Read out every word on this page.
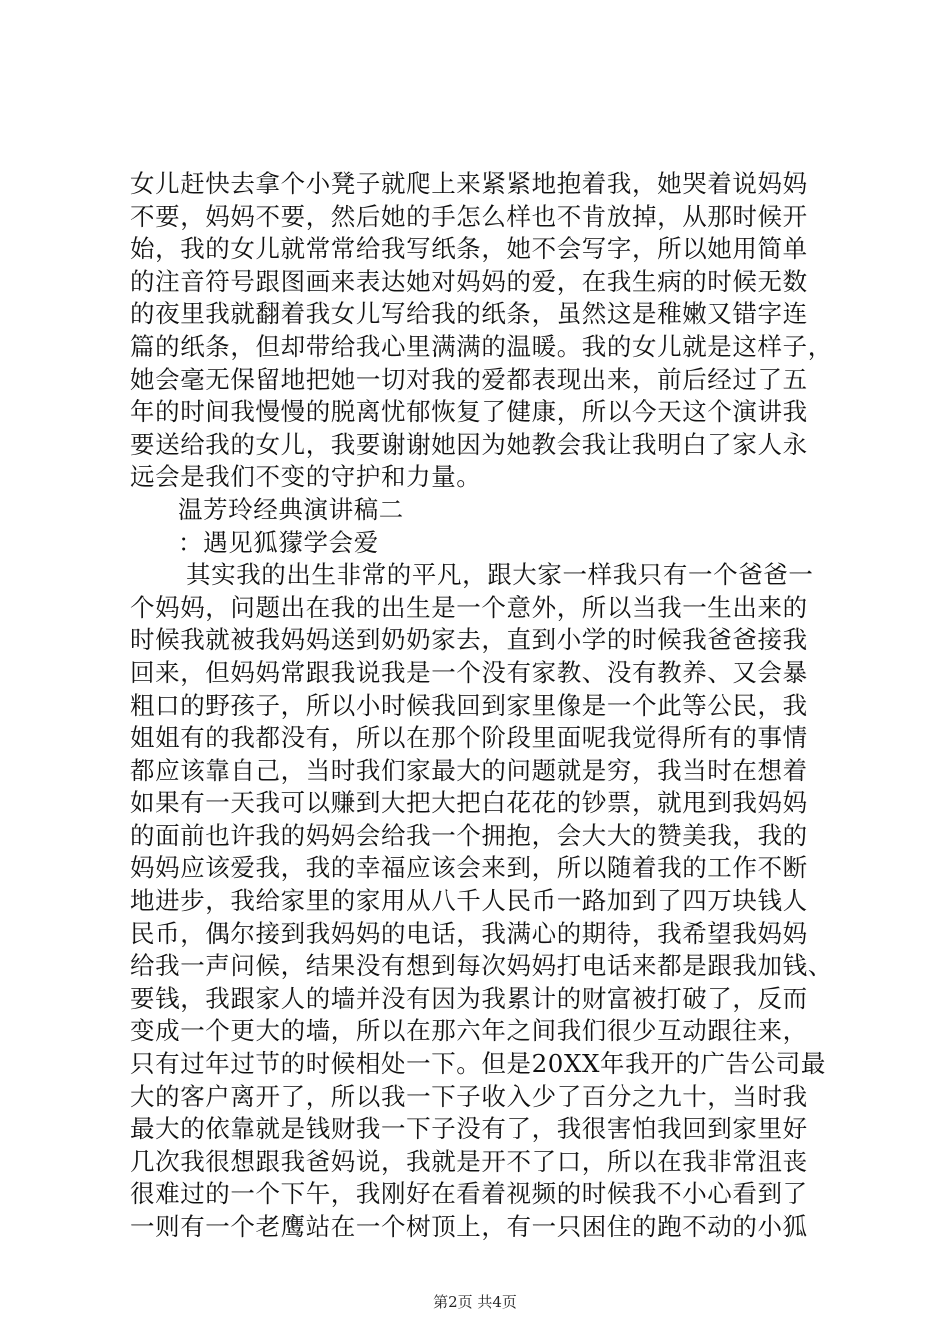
女儿赶快去拿个小凳子就爬上来紧紧地抱着我，她哭着说妈妈
不要，妈妈不要，然后她的手怎么样也不肯放掉，从那时候开
始，我的女儿就常常给我写纸条，她不会写字，所以她用简单
的注音符号跟图画来表达她对妈妈的爱，在我生病的时候无数
的夜里我就翻着我女儿写给我的纸条，虽然这是稚嫩又错字连
篇的纸条，但却带给我心里满满的温暖。我的女儿就是这样子，
她会毫无保留地把她一切对我的爱都表现出来，前后经过了五
年的时间我慢慢的脱离忧郁恢复了健康，所以今天这个演讲我
要送给我的女儿，我要谢谢她因为她教会我让我明白了家人永
远会是我们不变的守护和力量。
温芳玲经典演讲稿二
：遇见狐獴学会爱
其实我的出生非常的平凡，跟大家一样我只有一个爸爸一
个妈妈，问题出在我的出生是一个意外，所以当我一生出来的
时候我就被我妈妈送到奶奶家去，直到小学的时候我爸爸接我
回来，但妈妈常跟我说我是一个没有家教、没有教养、又会暴
粗口的野孩子，所以小时候我回到家里像是一个此等公民，我
姐姐有的我都没有，所以在那个阶段里面呢我觉得所有的事情
都应该靠自己，当时我们家最大的问题就是穷，我当时在想着
如果有一天我可以赚到大把大把白花花的钞票，就甩到我妈妈
的面前也许我的妈妈会给我一个拥抱，会大大的赞美我，我的
妈妈应该爱我，我的幸福应该会来到，所以随着我的工作不断
地进步，我给家里的家用从八千人民币一路加到了四万块钱人
民币，偶尔接到我妈妈的电话，我满心的期待，我希望我妈妈
给我一声问候，结果没有想到每次妈妈打电话来都是跟我加钱、
要钱，我跟家人的墙并没有因为我累计的财富被打破了，反而
变成一个更大的墙，所以在那六年之间我们很少互动跟往来，
只有过年过节的时候相处一下。但是20XX年我开的广告公司最
大的客户离开了，所以我一下子收入少了百分之九十，当时我
最大的依靠就是钱财我一下子没有了，我很害怕我回到家里好
几次我很想跟我爸妈说，我就是开不了口，所以在我非常沮丧
很难过的一个下午，我刚好在看着视频的时候我不小心看到了
一则有一个老鹰站在一个树顶上，有一只困住的跑不动的小狐
第2页 共4页
